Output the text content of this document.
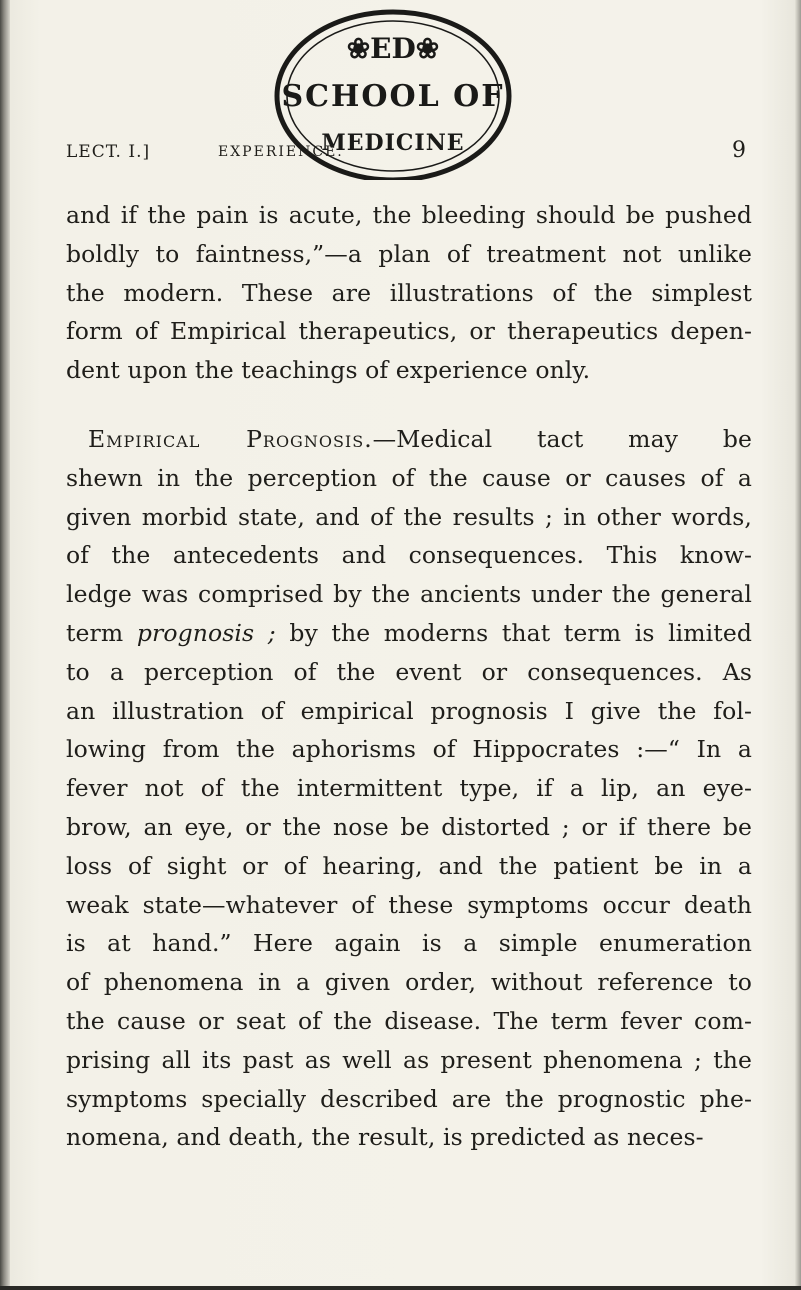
❀ED❀
SCHOOL OF
MEDICINE
LECT. I.]	EXPERIENCE.	9
and if the pain is acute, the bleeding should be pushed
boldly to faintness,”—a plan of treatment not unlike
the modern. These are illustrations of the simplest
form of Empirical therapeutics, or therapeutics depen-
dent upon the teachings of experience only.
Empirical Prognosis.—Medical tact may be
shewn in the perception of the cause or causes of a
given morbid state, and of the results ; in other words,
of the antecedents and consequences. This know-
ledge was comprised by the ancients under the general
term prognosis ; by the moderns that term is limited
to a perception of the event or consequences. As
an illustration of empirical prognosis I give the fol-
lowing from the aphorisms of Hippocrates :—“ In a
fever not of the intermittent type, if a lip, an eye-
brow, an eye, or the nose be distorted ; or if there be
loss of sight or of hearing, and the patient be in a
weak state—whatever of these symptoms occur death
is at hand.” Here again is a simple enumeration
of phenomena in a given order, without reference to
the cause or seat of the disease. The term fever com-
prising all its past as well as present phenomena ; the
symptoms specially described are the prognostic phe-
nomena, and death, the result, is predicted as neces-
